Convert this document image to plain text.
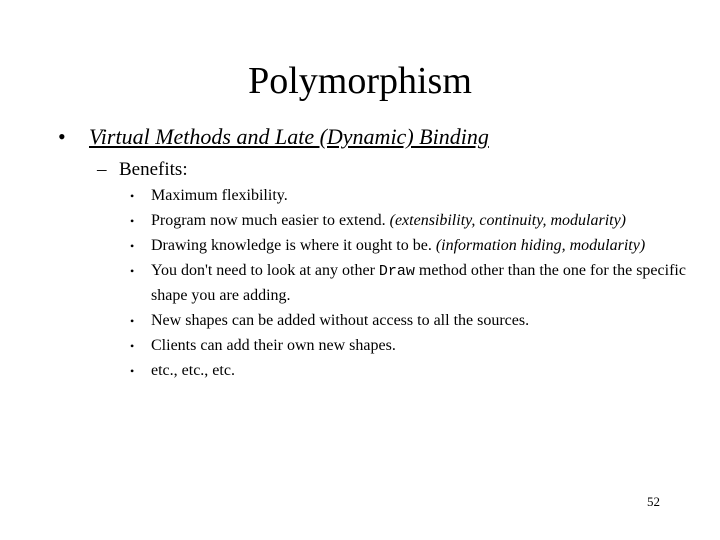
Polymorphism
• Virtual Methods and Late (Dynamic) Binding
– Benefits:
• Maximum flexibility.
• Program now much easier to extend. (extensibility, continuity, modularity)
• Drawing knowledge is where it ought to be. (information hiding, modularity)
• You don't need to look at any other Draw method other than the one for the specific shape you are adding.
• New shapes can be added without access to all the sources.
• Clients can add their own new shapes.
• etc., etc., etc.
52
